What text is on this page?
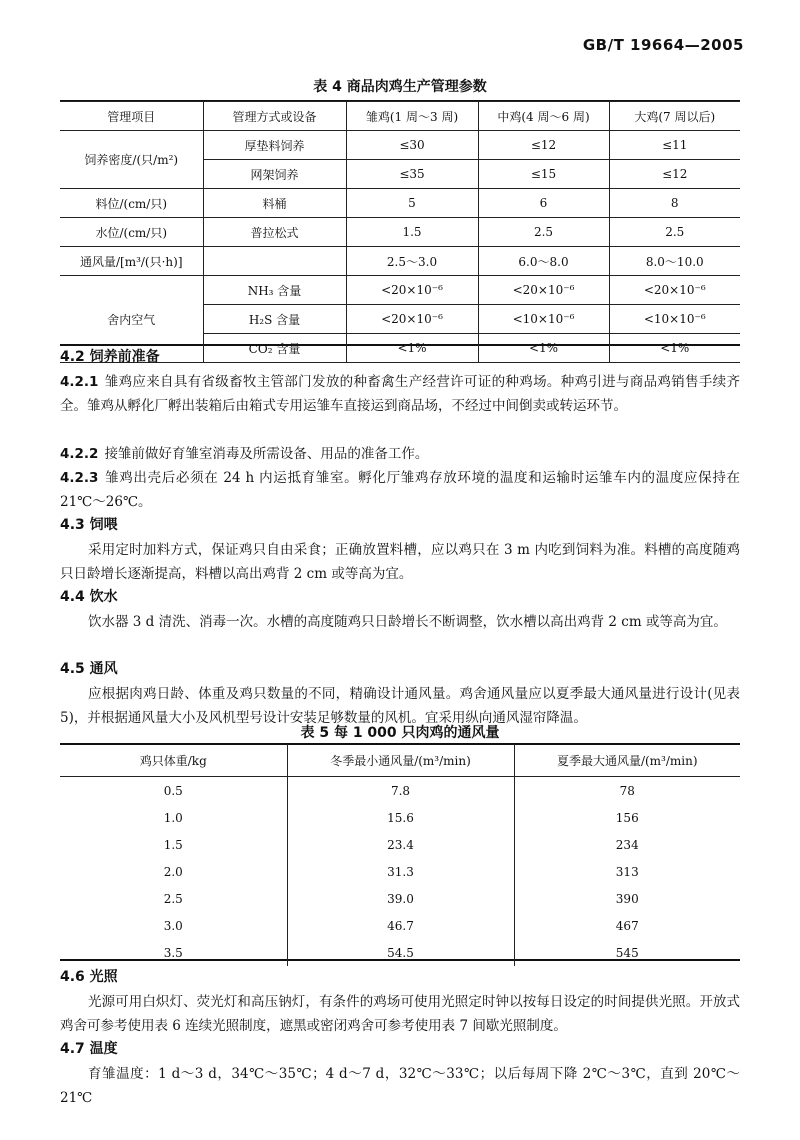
GB/T 19664—2005
表 4 商品肉鸡生产管理参数
管理项目	管理方式或设备	雏鸡(1 周～3 周)	中鸡(4 周～6 周)	大鸡(7 周以后)
饲养密度/(只/m²)	厚垫料饲养	≤30	≤12	≤11
	网架饲养	≤35	≤15	≤12
料位/(cm/只)	料桶	5	6	8
水位/(cm/只)	普拉松式	1.5	2.5	2.5
通风量/[m³/(只·h)]		2.5～3.0	6.0～8.0	8.0～10.0
舍内空气	NH₃ 含量	<20×10⁻⁶	<20×10⁻⁶	<20×10⁻⁶
	H₂S 含量	<20×10⁻⁶	<10×10⁻⁶	<10×10⁻⁶
	CO₂ 含量	<1%	<1%	<1%
4.2 饲养前准备
4.2.1 雏鸡应来自具有省级畜牧主管部门发放的种畜禽生产经营许可证的种鸡场。种鸡引进与商品鸡销售手续齐全。雏鸡从孵化厂孵出装箱后由箱式专用运雏车直接运到商品场，不经过中间倒卖或转运环节。
4.2.2 接雏前做好育雏室消毒及所需设备、用品的准备工作。
4.2.3 雏鸡出壳后必须在 24 h 内运抵育雏室。孵化厅雏鸡存放环境的温度和运输时运雏车内的温度应保持在 21℃～26℃。
4.3 饲喂
采用定时加料方式，保证鸡只自由采食；正确放置料槽，应以鸡只在 3 m 内吃到饲料为准。料槽的高度随鸡只日龄增长逐渐提高，料槽以高出鸡背 2 cm 或等高为宜。
4.4 饮水
饮水器 3 d 清洗、消毒一次。水槽的高度随鸡只日龄增长不断调整，饮水槽以高出鸡背 2 cm 或等高为宜。
4.5 通风
应根据肉鸡日龄、体重及鸡只数量的不同，精确设计通风量。鸡舍通风量应以夏季最大通风量进行设计(见表 5)，并根据通风量大小及风机型号设计安装足够数量的风机。宜采用纵向通风湿帘降温。
表 5 每 1 000 只肉鸡的通风量
鸡只体重/kg	冬季最小通风量/(m³/min)	夏季最大通风量/(m³/min)
0.5	7.8	78
1.0	15.6	156
1.5	23.4	234
2.0	31.3	313
2.5	39.0	390
3.0	46.7	467
3.5	54.5	545
4.6 光照
光源可用白炽灯、荧光灯和高压钠灯，有条件的鸡场可使用光照定时钟以按每日设定的时间提供光照。开放式鸡舍可参考使用表 6 连续光照制度，遮黑或密闭鸡舍可参考使用表 7 间歇光照制度。
4.7 温度
育雏温度：1 d～3 d，34℃～35℃；4 d～7 d，32℃～33℃；以后每周下降 2℃～3℃，直到 20℃～21℃
